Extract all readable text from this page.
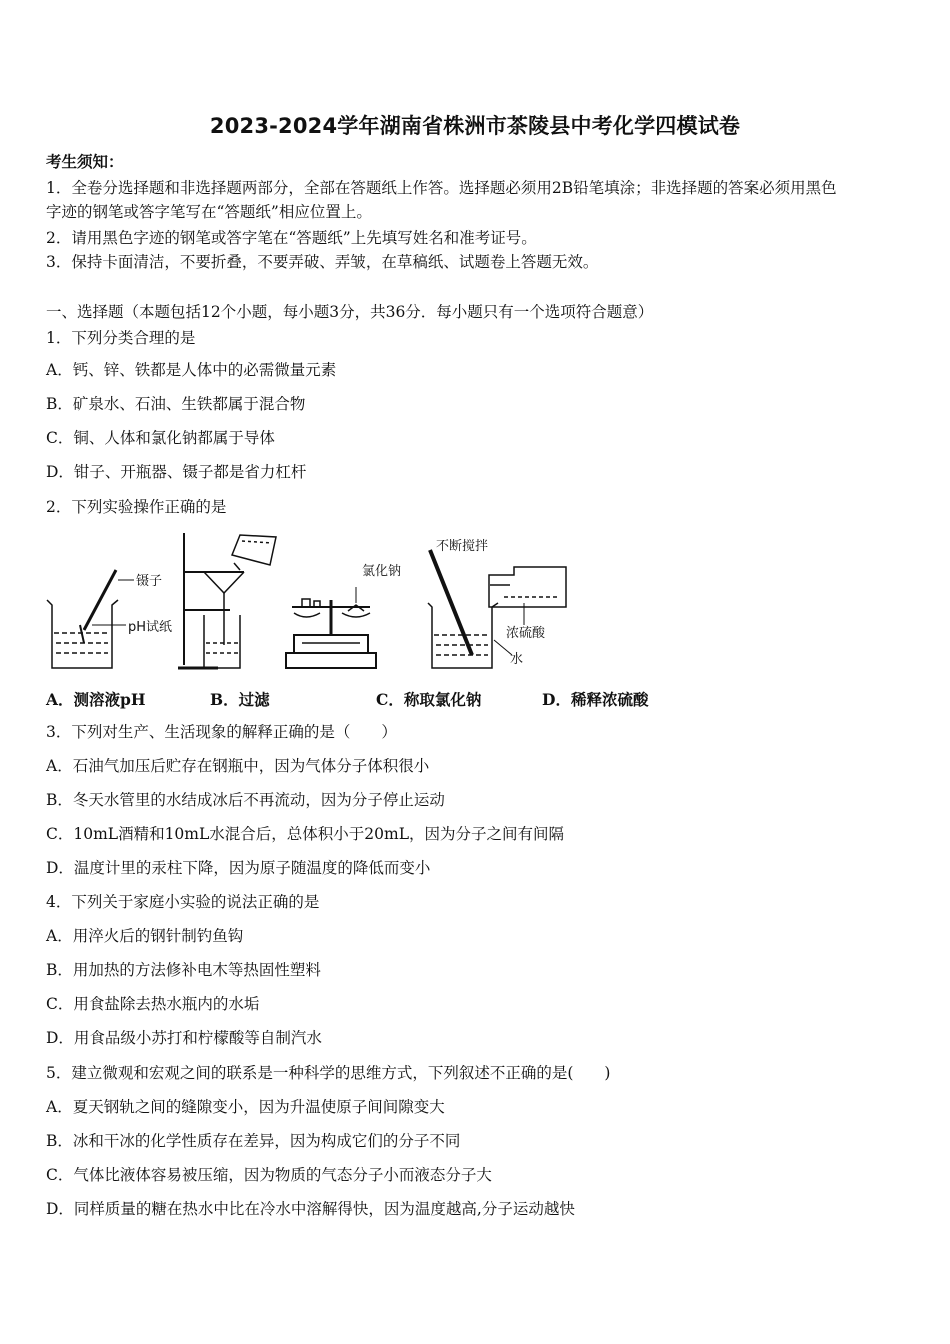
2023-2024学年湖南省株洲市茶陵县中考化学四模试卷
考生须知：
1．全卷分选择题和非选择题两部分，全部在答题纸上作答。选择题必须用2B铅笔填涂；非选择题的答案必须用黑色
字迹的钢笔或答字笔写在“答题纸”相应位置上。
2．请用黑色字迹的钢笔或答字笔在“答题纸”上先填写姓名和准考证号。
3．保持卡面清洁，不要折叠，不要弄破、弄皱，在草稿纸、试题卷上答题无效。
一、选择题（本题包括12个小题，每小题3分，共36分．每小题只有一个选项符合题意）
1．下列分类合理的是
A．钙、锌、铁都是人体中的必需微量元素
B．矿泉水、石油、生铁都属于混合物
C．铜、人体和氯化钠都属于导体
D．钳子、开瓶器、镊子都是省力杠杆
2．下列实验操作正确的是
镊子
pH试纸
氯化钠
不断搅拌
浓硫酸
水
A．测溶液pH	B．过滤	C．称取氯化钠	D．稀释浓硫酸
3．下列对生产、生活现象的解释正确的是（　　）
A．石油气加压后贮存在钢瓶中，因为气体分子体积很小
B．冬天水管里的水结成冰后不再流动，因为分子停止运动
C．10mL酒精和10mL水混合后，总体积小于20mL，因为分子之间有间隔
D．温度计里的汞柱下降，因为原子随温度的降低而变小
4．下列关于家庭小实验的说法正确的是
A．用淬火后的钢针制钓鱼钩
B．用加热的方法修补电木等热固性塑料
C．用食盐除去热水瓶内的水垢
D．用食品级小苏打和柠檬酸等自制汽水
5．建立微观和宏观之间的联系是一种科学的思维方式，下列叙述不正确的是(　　)
A．夏天钢轨之间的缝隙变小，因为升温使原子间间隙变大
B．冰和干冰的化学性质存在差异，因为构成它们的分子不同
C．气体比液体容易被压缩，因为物质的气态分子小而液态分子大
D．同样质量的糖在热水中比在冷水中溶解得快，因为温度越高,分子运动越快
